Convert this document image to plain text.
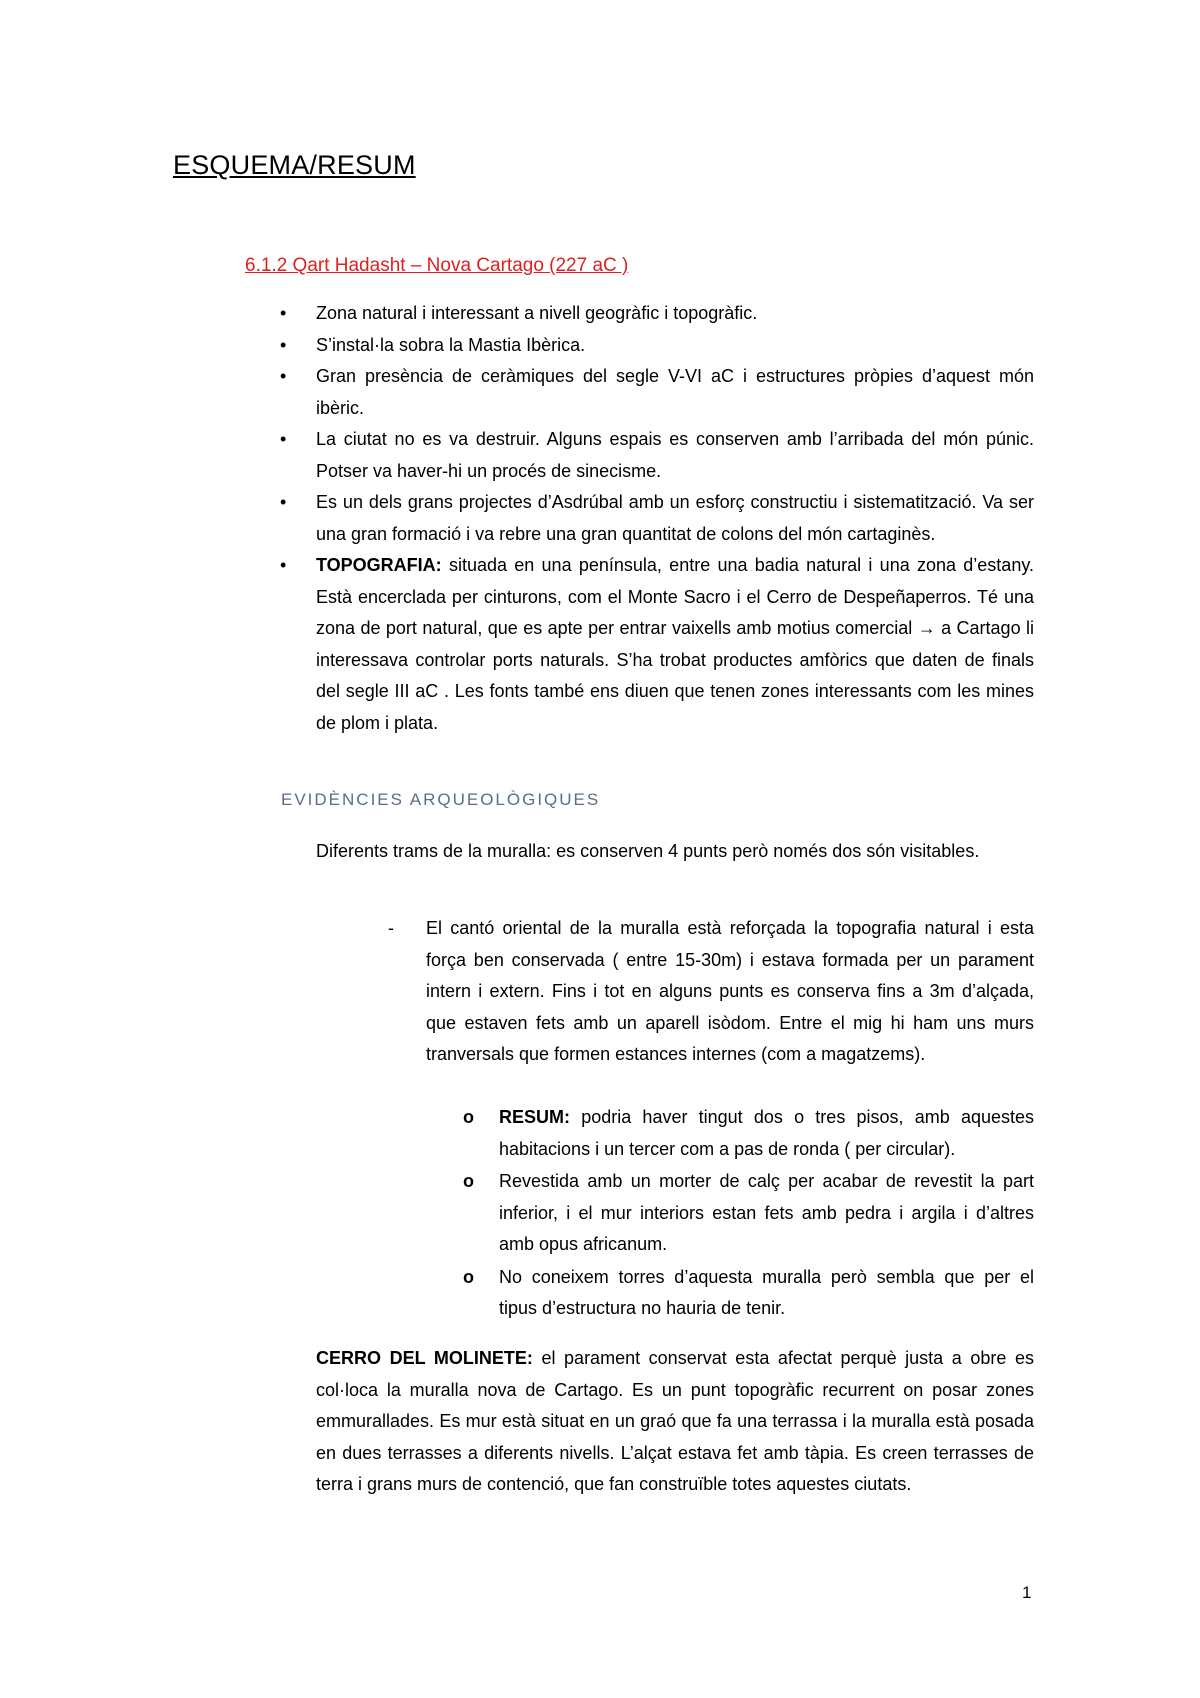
ESQUEMA/RESUM
6.1.2 Qart Hadasht – Nova Cartago (227 aC )
• Zona natural i interessant a nivell geogràfic i topogràfic.
• S’instal·la sobra la Mastia Ibèrica.
• Gran presència de ceràmiques del segle V-VI aC i estructures pròpies d’aquest món ibèric.
• La ciutat no es va destruir. Alguns espais es conserven amb l’arribada del món púnic. Potser va haver-hi un procés de sinecisme.
• Es un dels grans projectes d’Asdrúbal amb un esforç constructiu i sistematització. Va ser una gran formació i va rebre una gran quantitat de colons del món cartaginès.
• TOPOGRAFIA: situada en una península, entre una badia natural i una zona d’estany. Està encerclada per cinturons, com el Monte Sacro i el Cerro de Despeñaperros. Té una zona de port natural, que es apte per entrar vaixells amb motius comercial → a Cartago li interessava controlar ports naturals. S’ha trobat productes amfòrics que daten de finals del segle III aC . Les fonts també ens diuen que tenen zones interessants com les mines de plom i plata.
EVIDÈNCIES ARQUEOLÒGIQUES

Diferents trams de la muralla: es conserven 4 punts però només dos són visitables.

- El cantó oriental de la muralla està reforçada la topografia natural i esta força ben conservada ( entre 15-30m) i estava formada per un parament intern i extern. Fins i tot en alguns punts es conserva fins a 3m d’alçada, que estaven fets amb un aparell isòdom. Entre el mig hi ham uns murs tranversals que formen estances internes (com a magatzems).

o RESUM: podria haver tingut dos o tres pisos, amb aquestes habitacions i un tercer com a pas de ronda ( per circular).
o Revestida amb un morter de calç per acabar de revestit la part inferior, i el mur interiors estan fets amb pedra i argila i d’altres amb opus africanum.
o No coneixem torres d’aquesta muralla però sembla que per el tipus d’estructura no hauria de tenir.

CERRO DEL MOLINETE: el parament conservat esta afectat perquè justa a obre es col·loca la muralla nova de Cartago. Es un punt topogràfic recurrent on posar zones emmurallades. Es mur està situat en un graó que fa una terrassa i la muralla està posada en dues terrasses a diferents nivells. L’alçat estava fet amb tàpia. Es creen terrasses de terra i grans murs de contenció, que fan construïble totes aquestes ciutats.

1
